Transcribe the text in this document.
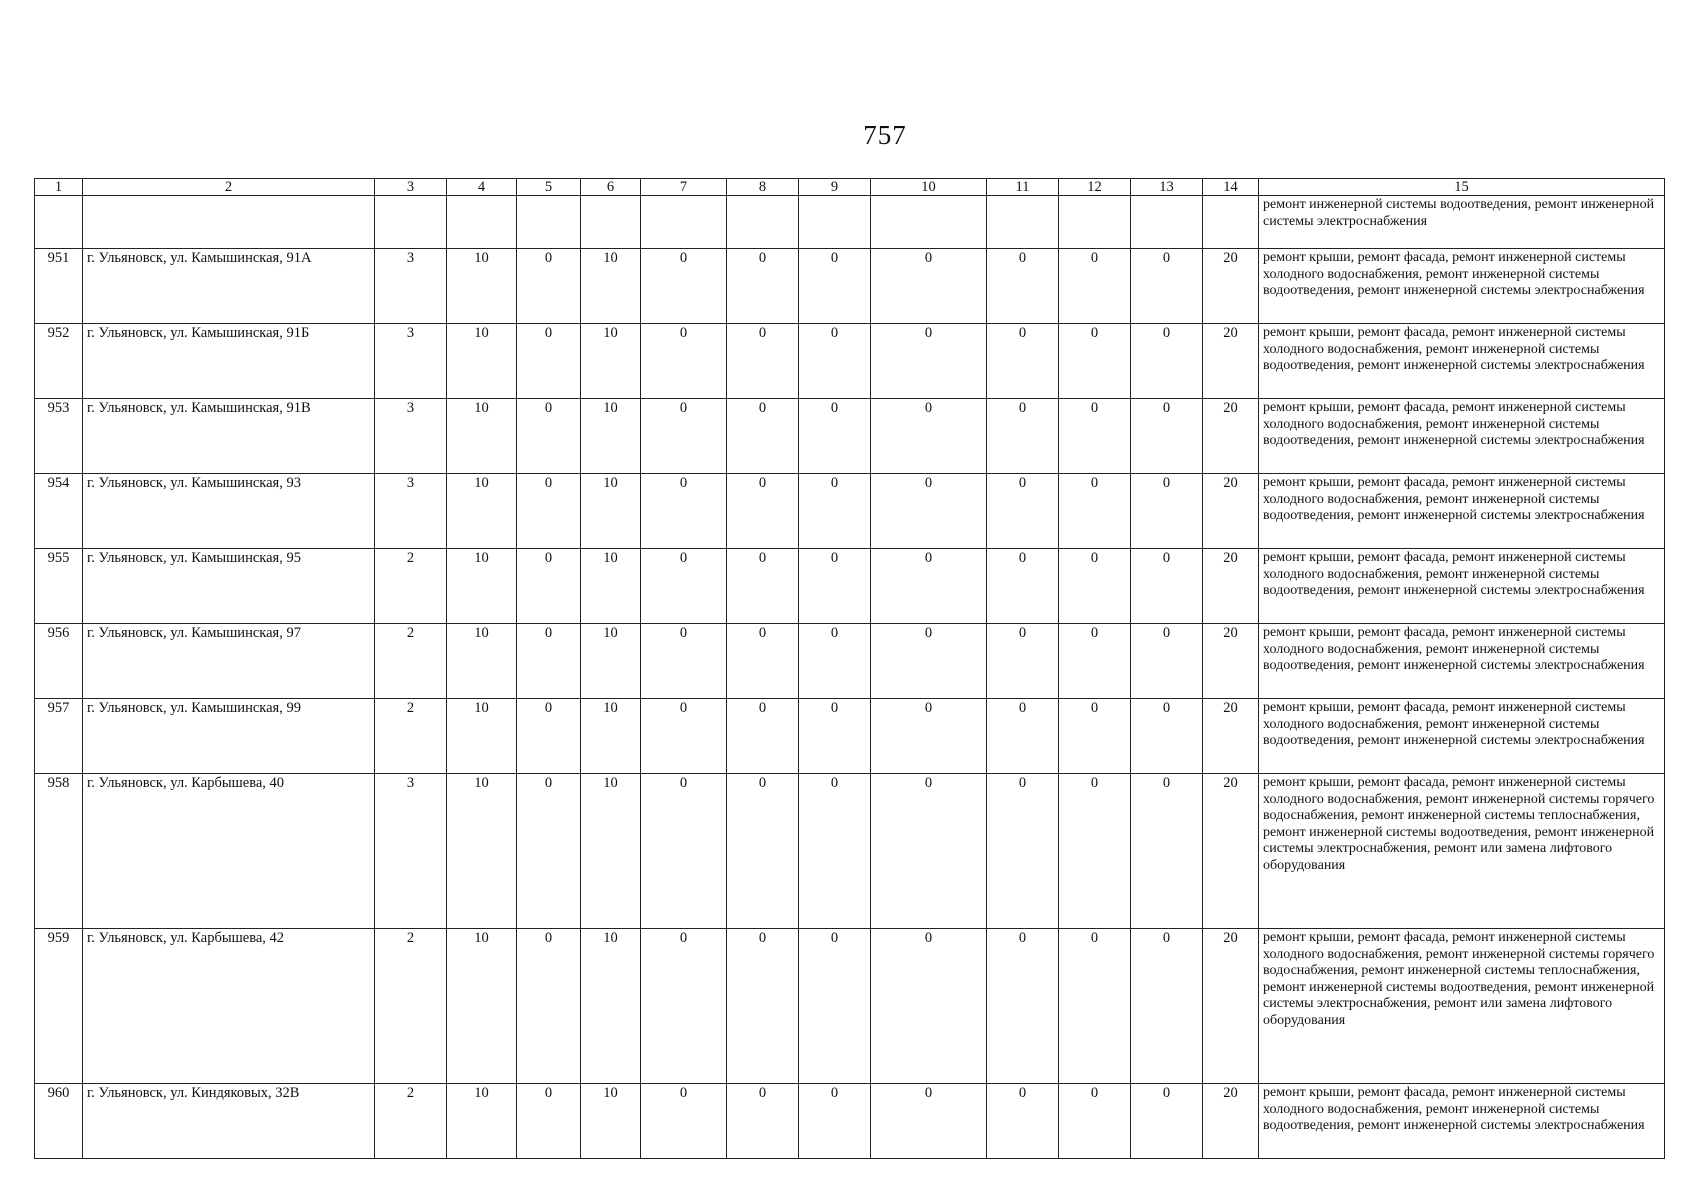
757
1	2	3	4	5	6	7	8	9	10	11	12	13	14	15
														ремонт инженерной системы водоотведения, ремонт инженерной системы электроснабжения
951	г. Ульяновск, ул. Камышинская, 91А	3	10	0	10	0	0	0	0	0	0	0	20	ремонт крыши, ремонт фасада, ремонт инженерной системы холодного водоснабжения, ремонт инженерной системы водоотведения, ремонт инженерной системы электроснабжения
952	г. Ульяновск, ул. Камышинская, 91Б	3	10	0	10	0	0	0	0	0	0	0	20	ремонт крыши, ремонт фасада, ремонт инженерной системы холодного водоснабжения, ремонт инженерной системы водоотведения, ремонт инженерной системы электроснабжения
953	г. Ульяновск, ул. Камышинская, 91В	3	10	0	10	0	0	0	0	0	0	0	20	ремонт крыши, ремонт фасада, ремонт инженерной системы холодного водоснабжения, ремонт инженерной системы водоотведения, ремонт инженерной системы электроснабжения
954	г. Ульяновск, ул. Камышинская, 93	3	10	0	10	0	0	0	0	0	0	0	20	ремонт крыши, ремонт фасада, ремонт инженерной системы холодного водоснабжения, ремонт инженерной системы водоотведения, ремонт инженерной системы электроснабжения
955	г. Ульяновск, ул. Камышинская, 95	2	10	0	10	0	0	0	0	0	0	0	20	ремонт крыши, ремонт фасада, ремонт инженерной системы холодного водоснабжения, ремонт инженерной системы водоотведения, ремонт инженерной системы электроснабжения
956	г. Ульяновск, ул. Камышинская, 97	2	10	0	10	0	0	0	0	0	0	0	20	ремонт крыши, ремонт фасада, ремонт инженерной системы холодного водоснабжения, ремонт инженерной системы водоотведения, ремонт инженерной системы электроснабжения
957	г. Ульяновск, ул. Камышинская, 99	2	10	0	10	0	0	0	0	0	0	0	20	ремонт крыши, ремонт фасада, ремонт инженерной системы холодного водоснабжения, ремонт инженерной системы водоотведения, ремонт инженерной системы электроснабжения
958	г. Ульяновск, ул. Карбышева, 40	3	10	0	10	0	0	0	0	0	0	0	20	ремонт крыши, ремонт фасада, ремонт инженерной системы холодного водоснабжения, ремонт инженерной системы горячего водоснабжения, ремонт инженерной системы теплоснабжения, ремонт инженерной системы водоотведения, ремонт инженерной системы электроснабжения, ремонт или замена лифтового оборудования
959	г. Ульяновск, ул. Карбышева, 42	2	10	0	10	0	0	0	0	0	0	0	20	ремонт крыши, ремонт фасада, ремонт инженерной системы холодного водоснабжения, ремонт инженерной системы горячего водоснабжения, ремонт инженерной системы теплоснабжения, ремонт инженерной системы водоотведения, ремонт инженерной системы электроснабжения, ремонт или замена лифтового оборудования
960	г. Ульяновск, ул. Киндяковых, 32В	2	10	0	10	0	0	0	0	0	0	0	20	ремонт крыши, ремонт фасада, ремонт инженерной системы холодного водоснабжения, ремонт инженерной системы водоотведения, ремонт инженерной системы электроснабжения
